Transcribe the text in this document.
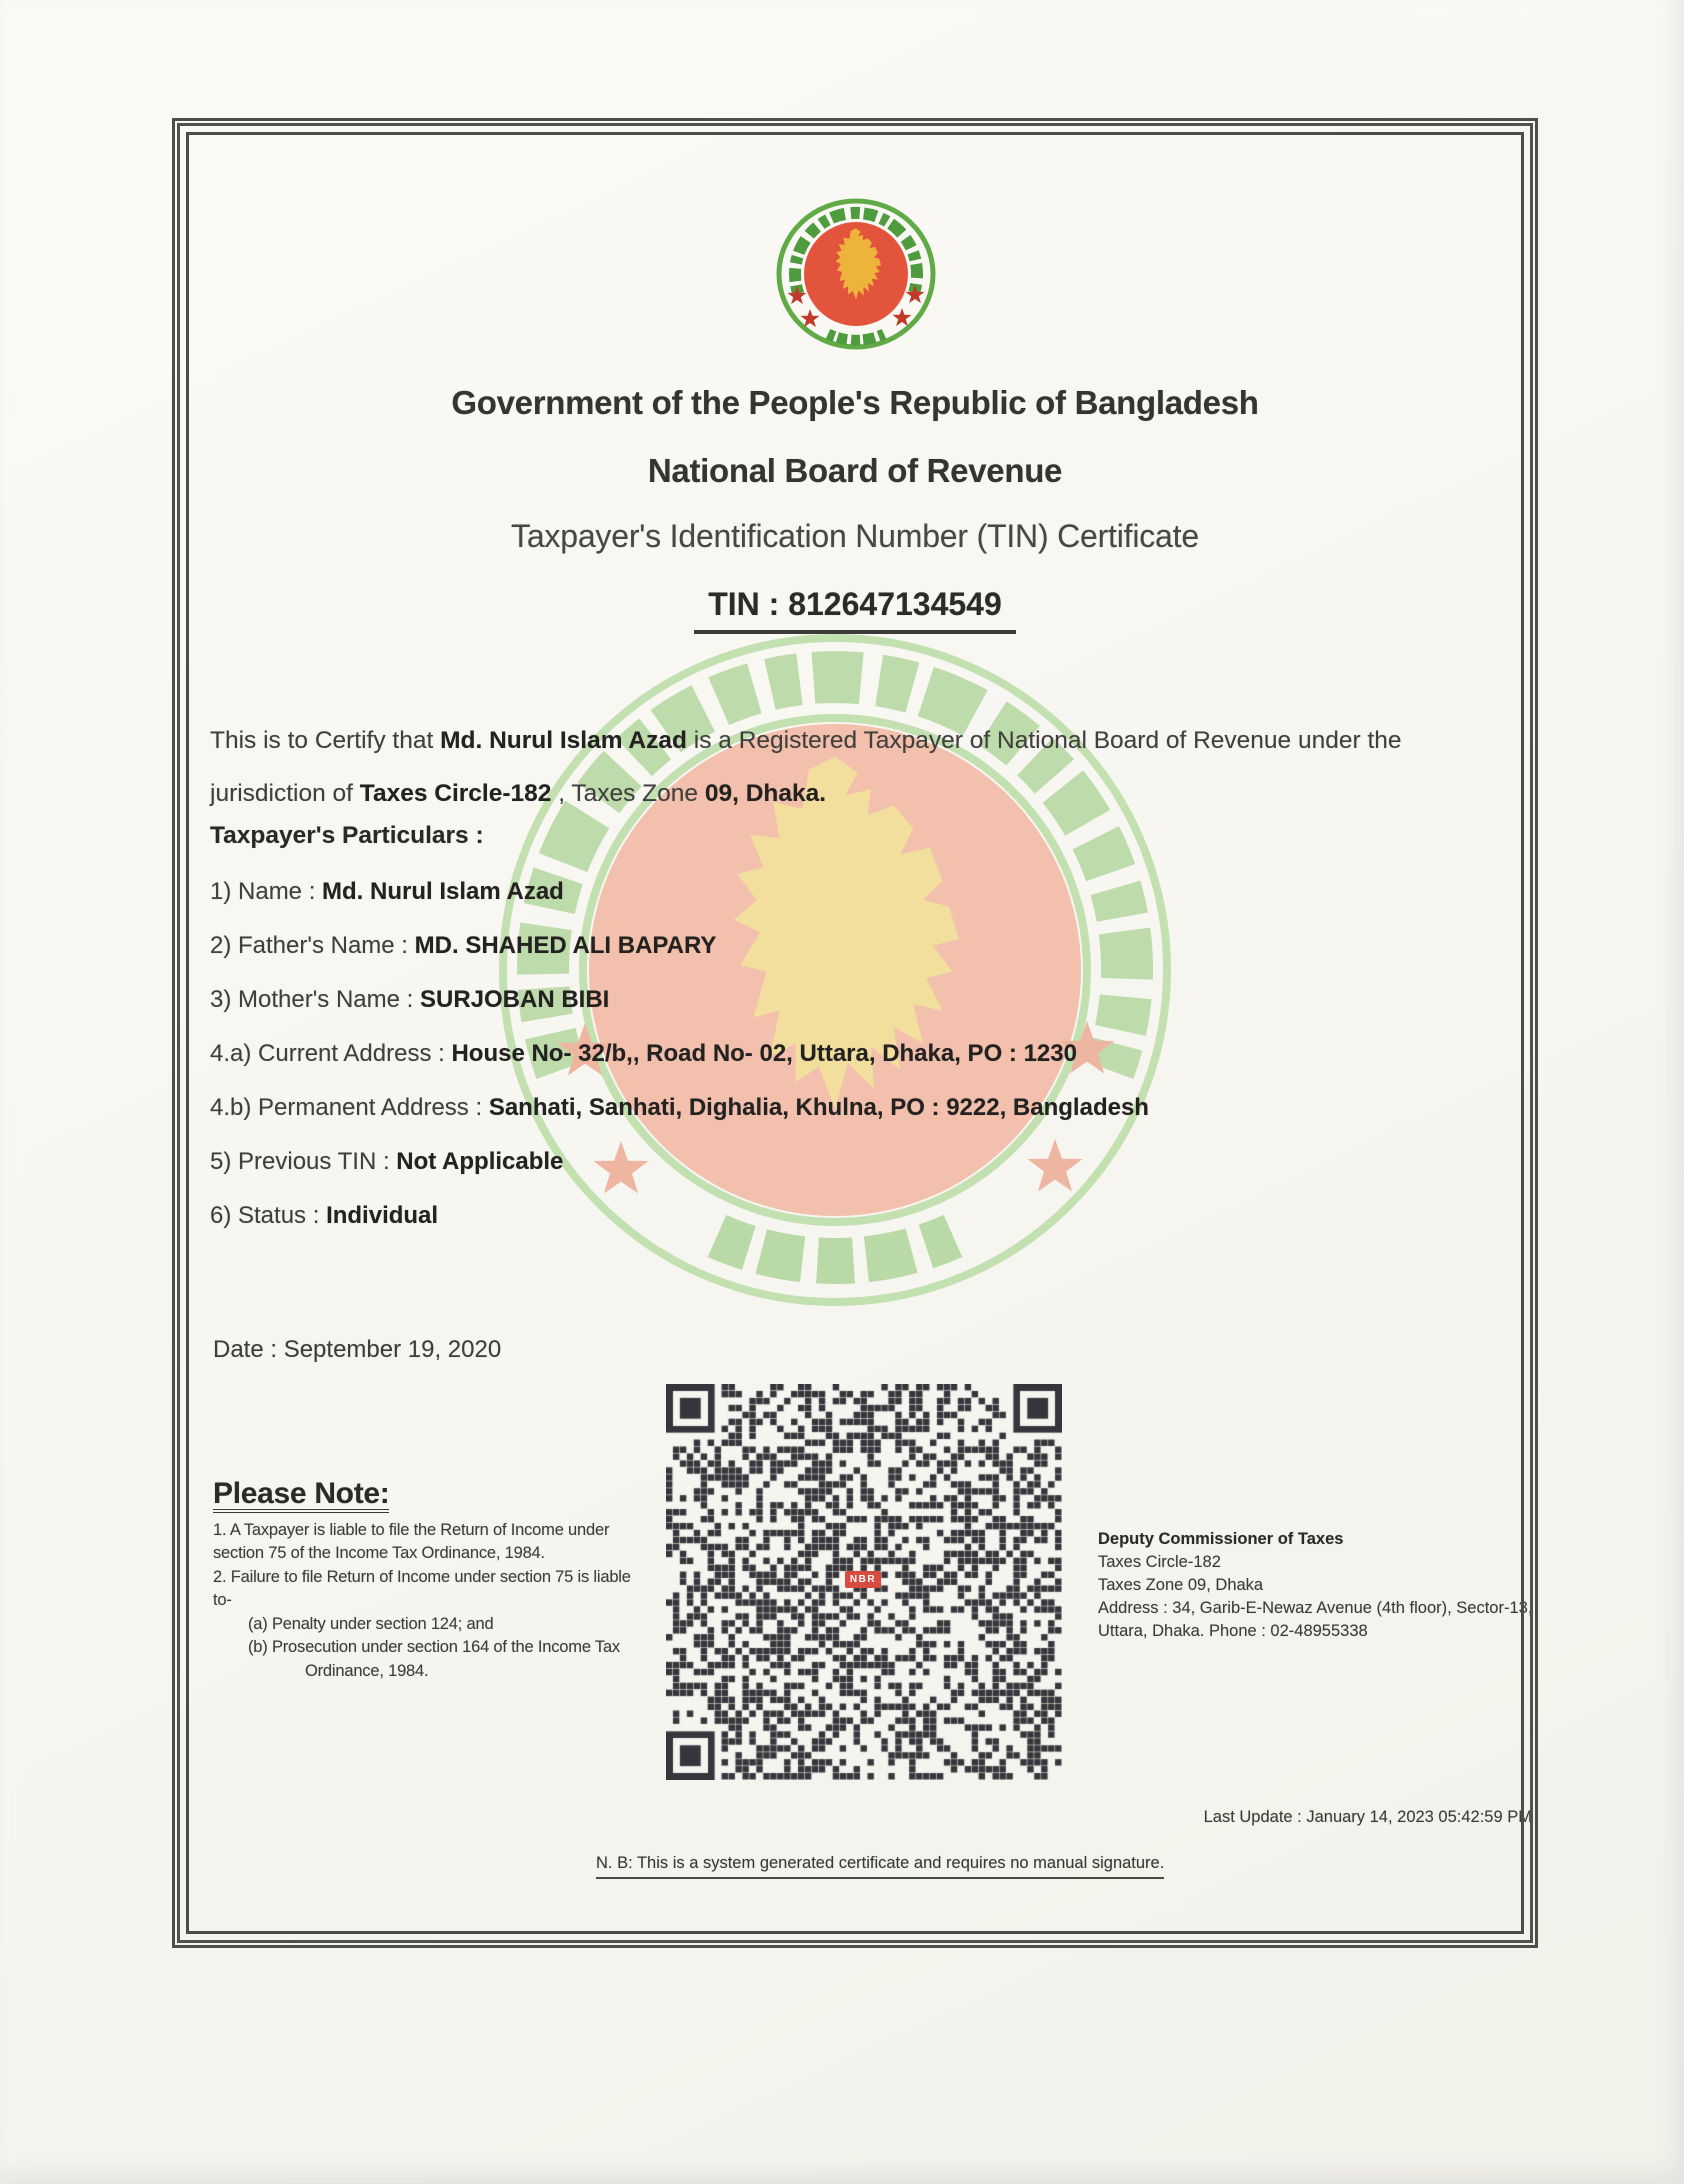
Government of the People's Republic of Bangladesh
National Board of Revenue
Taxpayer's Identification Number (TIN) Certificate
TIN : 812647134549
This is to Certify that Md. Nurul Islam Azad is a Registered Taxpayer of National Board of Revenue under the jurisdiction of Taxes Circle-182 , Taxes Zone 09, Dhaka.
Taxpayer's Particulars :
1) Name : Md. Nurul Islam Azad
2) Father's Name : MD. SHAHED ALI BAPARY
3) Mother's Name : SURJOBAN BIBI
4.a) Current Address : House No- 32/b,, Road No- 02, Uttara, Dhaka, PO : 1230
4.b) Permanent Address : Sanhati, Sanhati, Dighalia, Khulna, PO : 9222, Bangladesh
5) Previous TIN : Not Applicable
6) Status : Individual
Date : September 19, 2020
NBR
Please Note:
1. A Taxpayer is liable to file the Return of Income under section 75 of the Income Tax Ordinance, 1984.
2. Failure to file Return of Income under section 75 is liable to-
(a) Penalty under section 124; and
(b) Prosecution under section 164 of the Income Tax Ordinance, 1984.
Deputy Commissioner of Taxes
Taxes Circle-182
Taxes Zone 09, Dhaka
Address : 34, Garib-E-Newaz Avenue (4th floor), Sector-13,
Uttara, Dhaka. Phone : 02-48955338
Last Update : January 14, 2023 05:42:59 PM
N. B: This is a system generated certificate and requires no manual signature.
